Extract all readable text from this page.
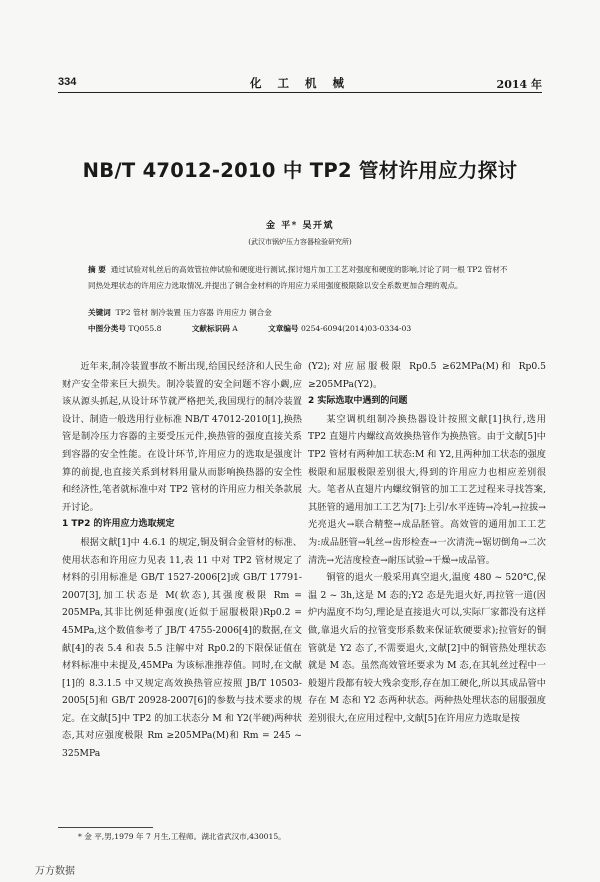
334	化 工 机 械	2014 年
NB/T 47012-2010 中 TP2 管材许用应力探讨
金 平* 吴开斌
(武汉市锅炉压力容器检验研究所)
摘 要 通过试验对轧丝后的高效管拉伸试验和硬度进行测试,探讨翅片加工工艺对强度和硬度的影响,讨论了同一根 TP2 管材不同热处理状态的许用应力选取情况,并提出了铜合金材料的许用应力采用强度极限除以安全系数更加合理的观点。
关键词 TP2 管材 制冷装置 压力容器 许用应力 铜合金
中图分类号 TQ055.8	文献标识码 A	文章编号 0254-6094(2014)03-0334-03

近年来,制冷装置事故不断出现,给国民经济和人民生命财产安全带来巨大损失。制冷装置的安全问题不容小觑,应该从源头抓起,从设计环节就严格把关,我国现行的制冷装置设计、制造一般选用行业标准 NB/T 47012-2010[1],换热管是制冷压力容器的主要受压元件,换热管的强度直接关系到容器的安全性能。在设计环节,许用应力的选取是强度计算的前提,也直接关系到材料用量从而影响换热器的安全性和经济性,笔者就标准中对 TP2 管材的许用应力相关条款展开讨论。

1 TP2 的许用应力选取规定

根据文献[1]中 4.6.1 的规定,铜及铜合金管材的标准、使用状态和许用应力见表 11,表 11 中对 TP2 管材规定了材料的引用标准是 GB/T 1527-2006[2]或 GB/T 17791-2007[3],加工状态是 M(软态),其强度极限 Rm = 205MPa,其非比例延伸强度(近似于屈服极限)Rp0.2 = 45MPa,这个数值参考了 JB/T 4755-2006[4]的数据,在文献[4]的表 5.4 和表 5.5 注解中对 Rp0.2的下限保证值在材料标准中未提及,45MPa 为该标准推荐值。同时,在文献[1]的 8.3.1.5 中又规定高效换热管应按照 JB/T 10503-2005[5]和 GB/T 20928-2007[6]的参数与技术要求的规定。在文献[5]中 TP2 的加工状态分 M 和 Y2(半硬)两种状态,其对应强度极限 Rm ≥205MPa(M)和 Rm = 245 ~ 325MPa

(Y2);对应屈服极限 Rp0.5 ≥62MPa(M)和 Rp0.5 ≥205MPa(Y2)。

2 实际选取中遇到的问题

某空调机组制冷换热器设计按照文献[1]执行,选用 TP2 直翅片内螺纹高效换热管作为换热管。由于文献[5]中 TP2 管材有两种加工状态:M 和 Y2,且两种加工状态的强度极限和屈服极限差别很大,得到的许用应力也相应差别很大。笔者从直翅片内螺纹铜管的加工工艺过程来寻找答案,其胚管的通用加工工艺为[7]:上引/水平连铸→冷轧→拉拔→光亮退火→联合精整→成品胚管。高效管的通用加工工艺为:成品胚管→轧丝→齿形检查→一次清洗→锯切倒角→二次清洗→光洁度检查→耐压试验→干燥→成品管。

铜管的退火一般采用真空退火,温度 480 ~ 520℃,保温 2 ~ 3h,这是 M 态的;Y2 态是先退火好,再拉管一道(因炉内温度不均匀,理论是直接退火可以,实际厂家都没有这样做,靠退火后的拉管变形系数来保证软硬要求);拉管好的铜管就是 Y2 态了,不需要退火,文献[2]中的铜管热处理状态就是 M 态。虽然高效管坯要求为 M 态,在其轧丝过程中一般翅片段都有较大残余变形,存在加工硬化,所以其成品管中存在 M 态和 Y2 态两种状态。两种热处理状态的屈服强度差别很大,在应用过程中,文献[5]在许用应力选取是按

* 金 平,男,1979 年 7 月生,工程师。湖北省武汉市,430015。
万方数据
